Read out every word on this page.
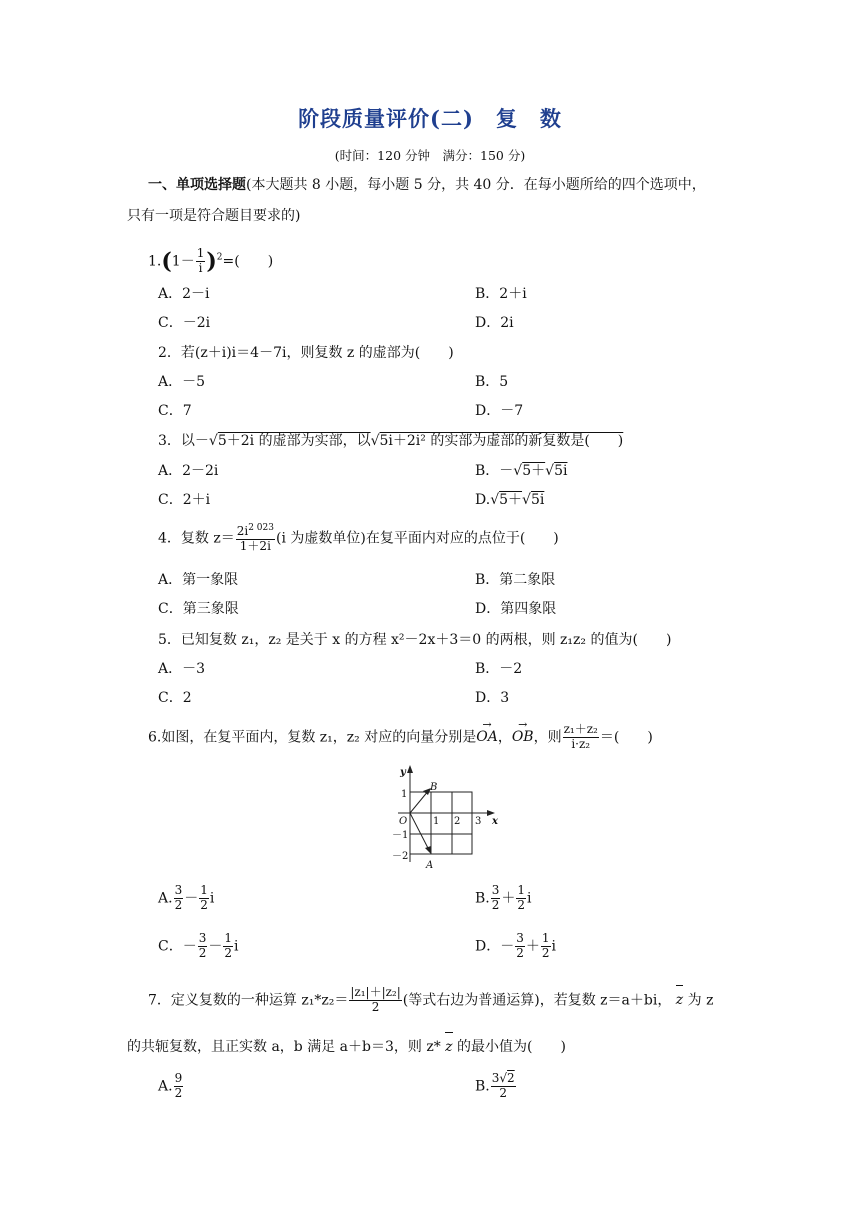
阶段质量评价(二)　复　数
(时间：120 分钟　满分：150 分)
一、单项选择题(本大题共 8 小题，每小题 5 分，共 40 分．在每小题所给的四个选项中，
只有一项是符合题目要求的)
$1.(1- \frac{1}{i} )^2=$(　　)
A．2－i	B．2＋i
C．－2i	D．2i
2．若(z＋i)i＝4－7i，则复数 z 的虚部为(　　)
A．－5	B．5
C．7	D．－7
3．以－√5＋2i 的虚部为实部，以√5i＋2i² 的实部为虚部的新复数是(　　)
A．2－2i	B．－√5＋√5i
C．2＋i	D.√5＋√5i
4．复数 $z= \frac{2i^{2 023}}{1+2i} (i$ 为虚数单位)在复平面内对应的点位于(　　)
A．第一象限	B．第二象限
C．第三象限	D．第四象限
5．已知复数 z₁，z₂ 是关于 x 的方程 x²－2x＋3＝0 的两根，则 z₁z₂ 的值为(　　)
A．－3	B．－2
C．2	D．3
6.如图，在复平面内，复数 z₁，z₂ 对应的向量分别是→ OA，→ OB，则 $\frac{\text{z₁＋z₂}}{\text{i·z₂}}$ ＝(　　)
y
x
O
B
A
1
1 2 3
－1
－2
A. $\frac{3}{2} - \frac{1}{2}$ i	B. $\frac{3}{2} + \frac{1}{2}$ i
C．－ $\frac{3}{2} - \frac{1}{2}$ i	D．－ $\frac{3}{2} + \frac{1}{2}$ i
7．定义复数的一种运算 $z_1*z_2= \frac{\text{|z₁|＋|z₂|}}{2}$ (等式右边为普通运算)，若复数 z＝a＋bi， z 为 z
的共轭复数，且正实数 a，b 满足 a＋b＝3，则 z* z 的最小值为(　　)
A. $\frac{9}{2}$	B. $\frac{3√2}{2}$
